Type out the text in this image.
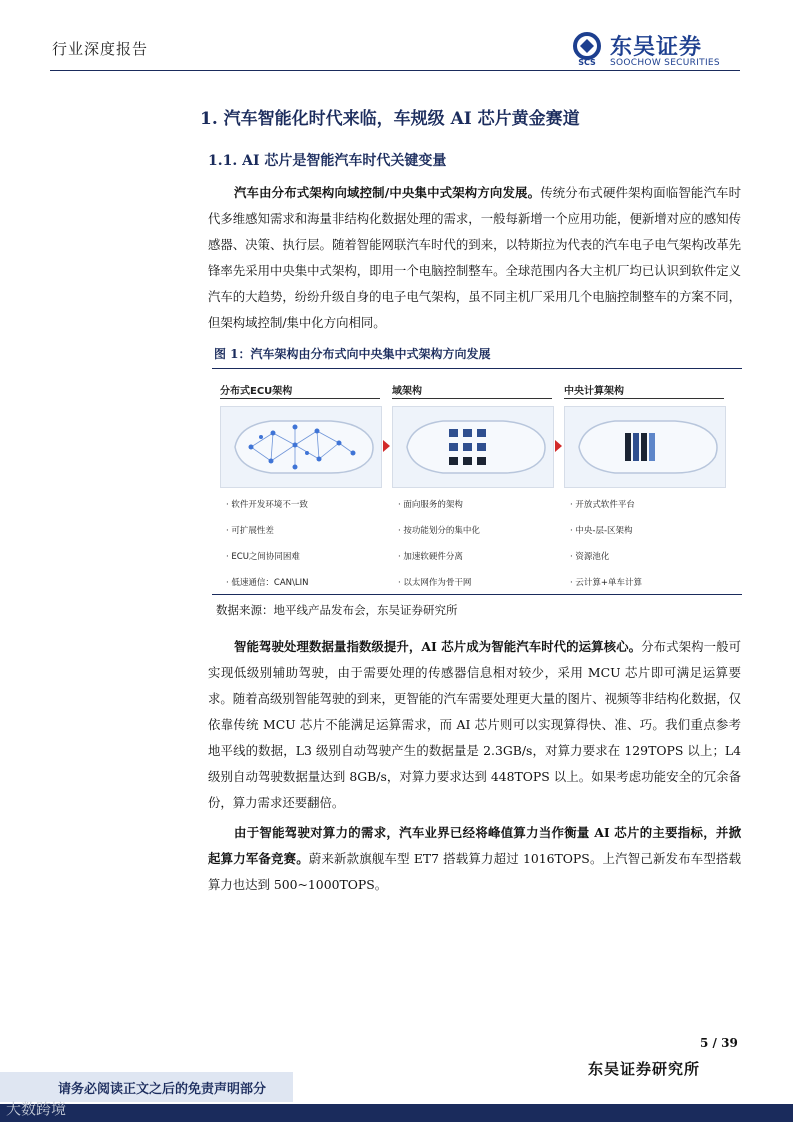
行业深度报告
SCS
东吴证券
SOOCHOW SECURITIES
1. 汽车智能化时代来临，车规级 AI 芯片黄金赛道
1.1. AI 芯片是智能汽车时代关键变量
汽车由分布式架构向域控制/中央集中式架构方向发展。传统分布式硬件架构面临智能汽车时代多维感知需求和海量非结构化数据处理的需求，一般每新增一个应用功能，便新增对应的感知传感器、决策、执行层。随着智能网联汽车时代的到来，以特斯拉为代表的汽车电子电气架构改革先锋率先采用中央集中式架构，即用一个电脑控制整车。全球范围内各大主机厂均已认识到软件定义汽车的大趋势，纷纷升级自身的电子电气架构，虽不同主机厂采用几个电脑控制整车的方案不同，但架构域控制/集中化方向相同。
图 1：汽车架构由分布式向中央集中式架构方向发展
分布式ECU架构	域架构	中央计算架构
· 软件开发环境不一致
· 可扩展性差
· ECU之间协同困难
· 低速通信：CAN\LIN
· 面向服务的架构
· 按功能划分的集中化
· 加速软硬件分离
· 以太网作为骨干网
· 开放式软件平台
· 中央-层-区架构
· 资源池化
· 云计算+单车计算
数据来源：地平线产品发布会，东吴证券研究所
智能驾驶处理数据量指数级提升，AI 芯片成为智能汽车时代的运算核心。分布式架构一般可实现低级别辅助驾驶，由于需要处理的传感器信息相对较少，采用 MCU 芯片即可满足运算要求。随着高级别智能驾驶的到来，更智能的汽车需要处理更大量的图片、视频等非结构化数据，仅依靠传统 MCU 芯片不能满足运算需求，而 AI 芯片则可以实现算得快、准、巧。我们重点参考地平线的数据，L3 级别自动驾驶产生的数据量是 2.3GB/s，对算力要求在 129TOPS 以上；L4 级别自动驾驶数据量达到 8GB/s，对算力要求达到 448TOPS 以上。如果考虑功能安全的冗余备份，算力需求还要翻倍。
由于智能驾驶对算力的需求，汽车业界已经将峰值算力当作衡量 AI 芯片的主要指标，并掀起算力军备竞赛。蔚来新款旗舰车型 ET7 搭载算力超过 1016TOPS。上汽智己新发布车型搭载算力也达到 500~1000TOPS。
5 / 39
东吴证券研究所
请务必阅读正文之后的免责声明部分
大数跨境
